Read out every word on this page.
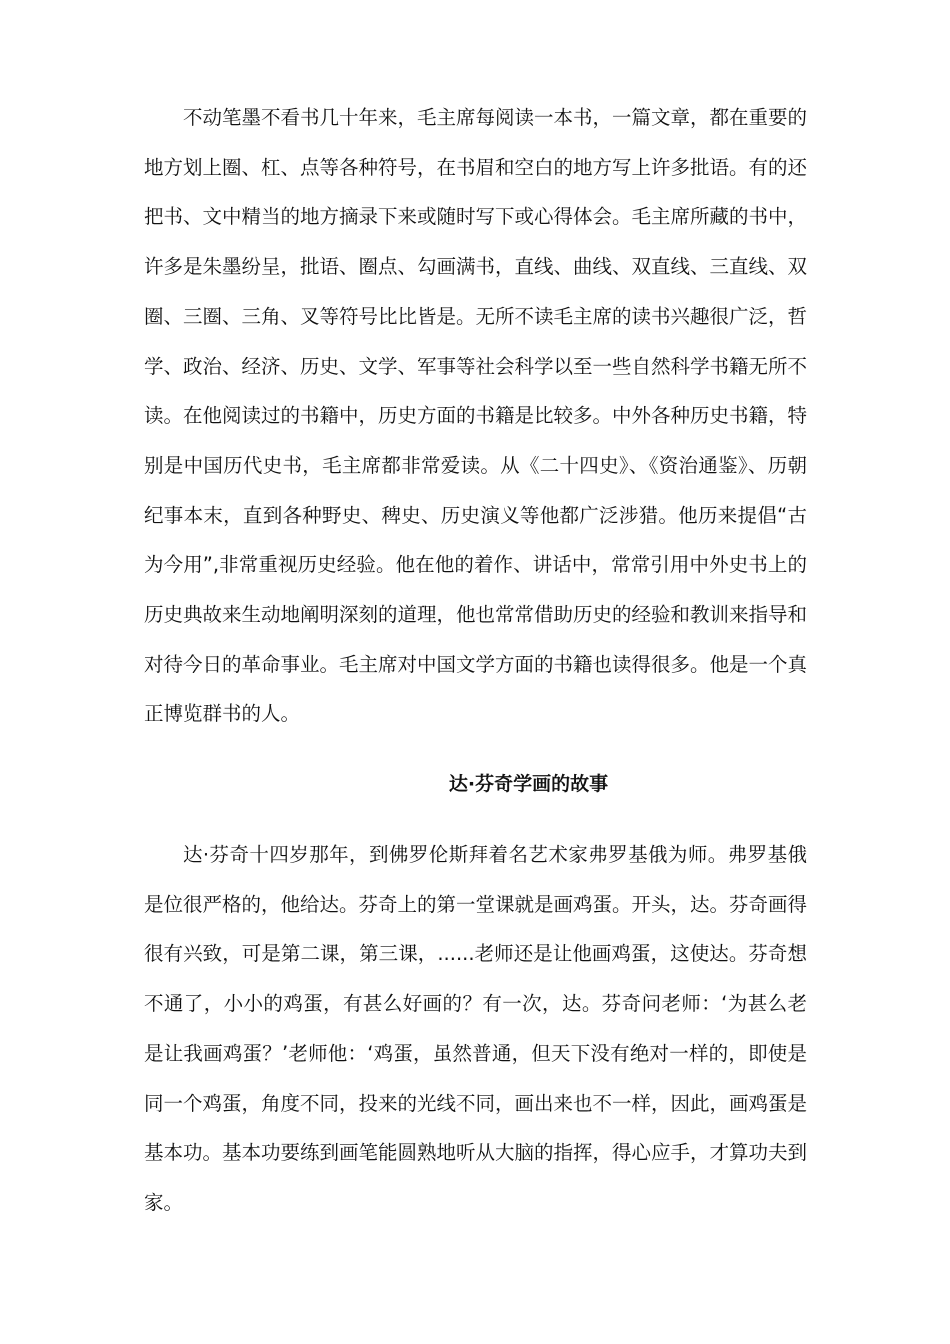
不动笔墨不看书几十年来，毛主席每阅读一本书，一篇文章，都在重要的地方划上圈、杠、点等各种符号，在书眉和空白的地方写上许多批语。有的还把书、文中精当的地方摘录下来或随时写下或心得体会。毛主席所藏的书中，许多是朱墨纷呈，批语、圈点、勾画满书，直线、曲线、双直线、三直线、双圈、三圈、三角、叉等符号比比皆是。无所不读毛主席的读书兴趣很广泛，哲学、政治、经济、历史、文学、军事等社会科学以至一些自然科学书籍无所不读。在他阅读过的书籍中，历史方面的书籍是比较多。中外各种历史书籍，特别是中国历代史书，毛主席都非常爱读。从《二十四史》、《资治通鉴》、历朝纪事本末，直到各种野史、稗史、历史演义等他都广泛涉猎。他历来提倡“古为今用”,非常重视历史经验。他在他的着作、讲话中，常常引用中外史书上的历史典故来生动地阐明深刻的道理，他也常常借助历史的经验和教训来指导和对待今日的革命事业。毛主席对中国文学方面的书籍也读得很多。他是一个真正博览群书的人。

达·芬奇学画的故事

达·芬奇十四岁那年，到佛罗伦斯拜着名艺术家弗罗基俄为师。弗罗基俄是位很严格的，他给达。芬奇上的第一堂课就是画鸡蛋。开头，达。芬奇画得很有兴致，可是第二课，第三课，......老师还是让他画鸡蛋，这使达。芬奇想不通了，小小的鸡蛋，有甚么好画的？有一次，达。芬奇问老师：‘为甚么老是让我画鸡蛋？’老师他：‘鸡蛋，虽然普通，但天下没有绝对一样的，即使是同一个鸡蛋，角度不同，投来的光线不同，画出来也不一样，因此，画鸡蛋是基本功。基本功要练到画笔能圆熟地听从大脑的指挥，得心应手，才算功夫到家。
